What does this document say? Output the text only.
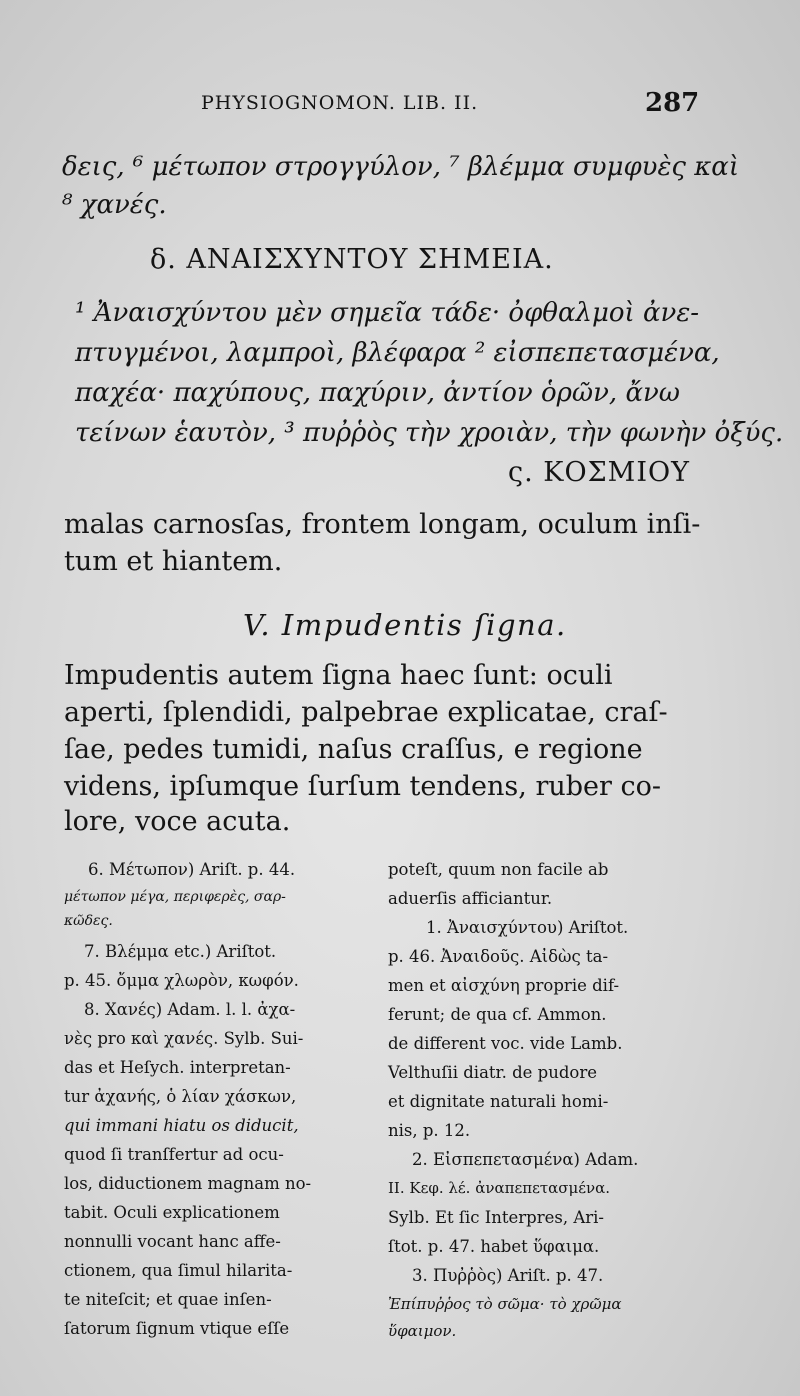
PHYSIOGNOMON. LIB. II.	287
δεις, ⁶ μέτωπον στρογγύλον, ⁷ βλέμμα συμφυὲς καὶ
⁸ χανές.
δ. ΑΝΑΙΣΧΥΝΤΟΥ ΣΗΜΕΙΑ.
¹ Ἀναισχύντου μὲν σημεῖα τάδε· ὀφθαλμοὶ ἀνε-
πτυγμένοι, λαμπροὶ, βλέφαρα ² εἰσπεπετασμένα,
παχέα· παχύπους, παχύριν, ἀντίον ὁρῶν, ἄνω
τείνων ἑαυτὸν, ³ πυῤῥὸς τὴν χροιὰν, τὴν φωνὴν ὀξύς.
ς. ΚΟΣΜΙΟΥ
malas carnosſas, frontem longam, oculum inſi-
tum et hiantem.
V. Impudentis ſigna.
Impudentis autem ſigna haec ſunt: oculi
aperti, ſplendidi, palpebrae explicatae, craſ-
ſae, pedes tumidi, naſus craſſus, e regione
videns, ipſumque ſurſum tendens, ruber co-
lore, voce acuta.
6. Μέτωπον) Ariſt. p. 44.
μέτωπον μέγα, περιφερὲς, σαρ-
κῶδες.
7. Βλέμμα etc.) Ariſtot.
p. 45. ὄμμα χλωρὸν, κωφόν.
8. Χανές) Adam. l. l. ἀχα-
νὲς pro καὶ χανές. Sylb. Sui-
das et Heſych. interpretan-
tur ἀχανής, ὁ λίαν χάσκων,
qui immani hiatu os diducit,
quod ſi tranſfertur ad ocu-
los, diductionem magnam no-
tabit. Oculi explicationem
nonnulli vocant hanc affe-
ctionem, qua ſimul hilarita-
te niteſcit; et quae inſen-
ſatorum ſignum vtique eſſe
poteſt, quum non facile ab
aduerſis afficiantur.
1. Ἀναισχύντου) Ariſtot.
p. 46. Ἀναιδοῦς. Αἰδὼς ta-
men et αἰσχύνη proprie dif-
ferunt; de qua cf. Ammon.
de different voc. vide Lamb.
Velthuſii diatr. de pudore
et dignitate naturali homi-
nis, p. 12.
2. Εἰσπεπετασμένα) Adam.
II. Κεφ. λέ. ἀναπεπετασμένα.
Sylb. Et ſic Interpres, Ari-
ſtot. p. 47. habet ὕφαιμα.
3. Πυῤῥὸς) Ariſt. p. 47.
Ἐπίπυῤῥος τὸ σῶμα· τὸ χρῶμα
ὕφαιμον.
